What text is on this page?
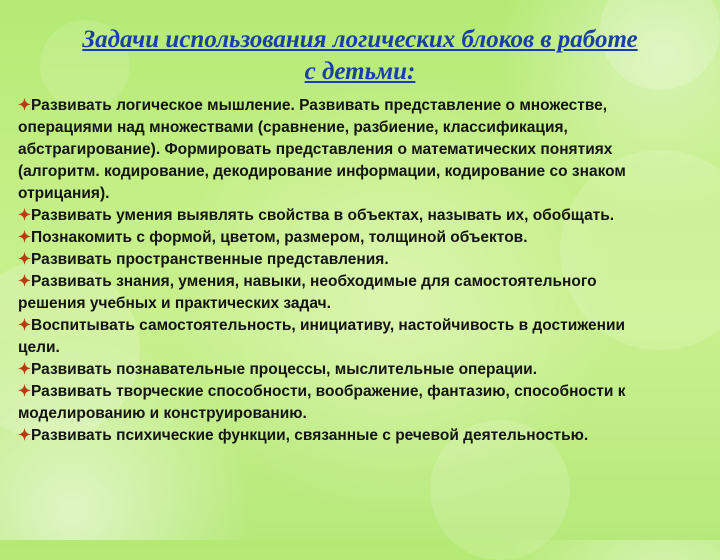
Задачи использования логических блоков в работе
с детьми:

✦Развивать логическое мышление. Развивать представление о множестве, операциями над множествами (сравнение, разбиение, классификация, абстрагирование). Формировать представления о математических понятиях (алгоритм. кодирование, декодирование информации, кодирование со знаком отрицания).

✦Развивать умения выявлять свойства в объектах, называть их, обобщать.

✦Познакомить с формой, цветом, размером, толщиной объектов.

✦Развивать пространственные представления.

✦Развивать знания, умения, навыки, необходимые для самостоятельного решения учебных и практических задач.

✦Воспитывать самостоятельность, инициативу, настойчивость в достижении цели.

✦Развивать познавательные процессы, мыслительные операции.

✦Развивать творческие способности, воображение, фантазию, способности к моделированию и конструированию.

✦Развивать психические функции, связанные с речевой деятельностью.
